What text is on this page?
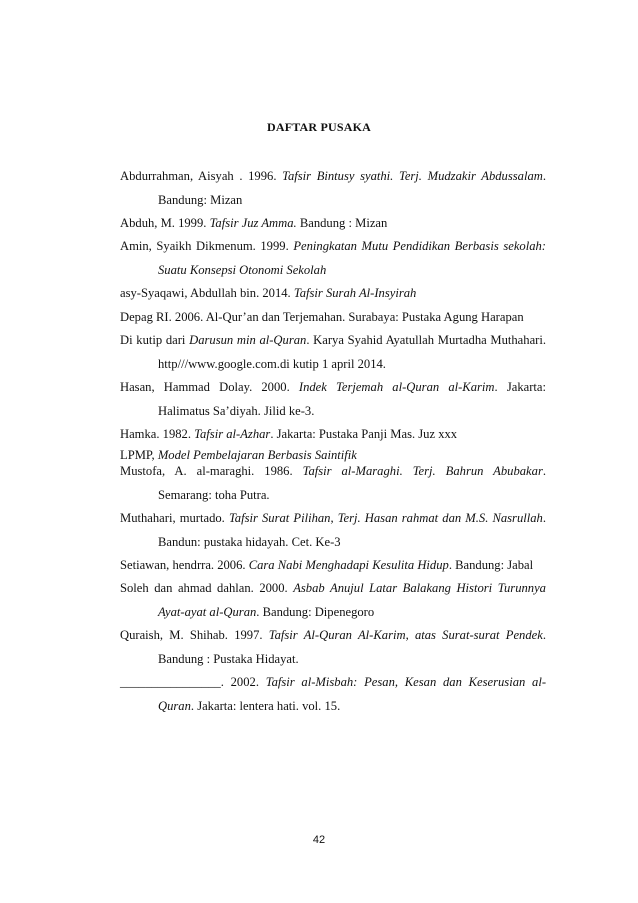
DAFTAR PUSAKA
Abdurrahman, Aisyah . 1996. Tafsir Bintusy syathi. Terj. Mudzakir Abdussalam. Bandung: Mizan
Abduh, M. 1999. Tafsir Juz Amma. Bandung : Mizan
Amin, Syaikh Dikmenum. 1999. Peningkatan Mutu Pendidikan Berbasis sekolah: Suatu Konsepsi Otonomi Sekolah
asy-Syaqawi, Abdullah bin. 2014. Tafsir Surah Al-Insyirah
Depag RI. 2006. Al-Qur’an dan Terjemahan. Surabaya: Pustaka Agung Harapan
Di kutip dari Darusun min al-Quran. Karya Syahid Ayatullah Murtadha Muthahari. http///www.google.com.di kutip 1 april 2014.
Hasan, Hammad Dolay. 2000. Indek Terjemah al-Quran al-Karim. Jakarta: Halimatus Sa’diyah. Jilid ke-3.
Hamka. 1982. Tafsir al-Azhar. Jakarta: Pustaka Panji Mas. Juz xxx
LPMP, Model Pembelajaran Berbasis Saintifik
Mustofa, A. al-maraghi. 1986. Tafsir al-Maraghi. Terj. Bahrun Abubakar. Semarang: toha Putra.
Muthahari, murtado. Tafsir Surat Pilihan, Terj. Hasan rahmat dan M.S. Nasrullah. Bandun: pustaka hidayah. Cet. Ke-3
Setiawan, hendrra. 2006. Cara Nabi Menghadapi Kesulita Hidup. Bandung: Jabal
Soleh dan ahmad dahlan. 2000. Asbab Anujul Latar Balakang Histori Turunnya Ayat-ayat al-Quran. Bandung: Dipenegoro
Quraish, M. Shihab. 1997. Tafsir Al-Quran Al-Karim, atas Surat-surat Pendek. Bandung : Pustaka Hidayat.
________________. 2002. Tafsir al-Misbah: Pesan, Kesan dan Keserusian al-Quran. Jakarta: lentera hati. vol. 15.
42
